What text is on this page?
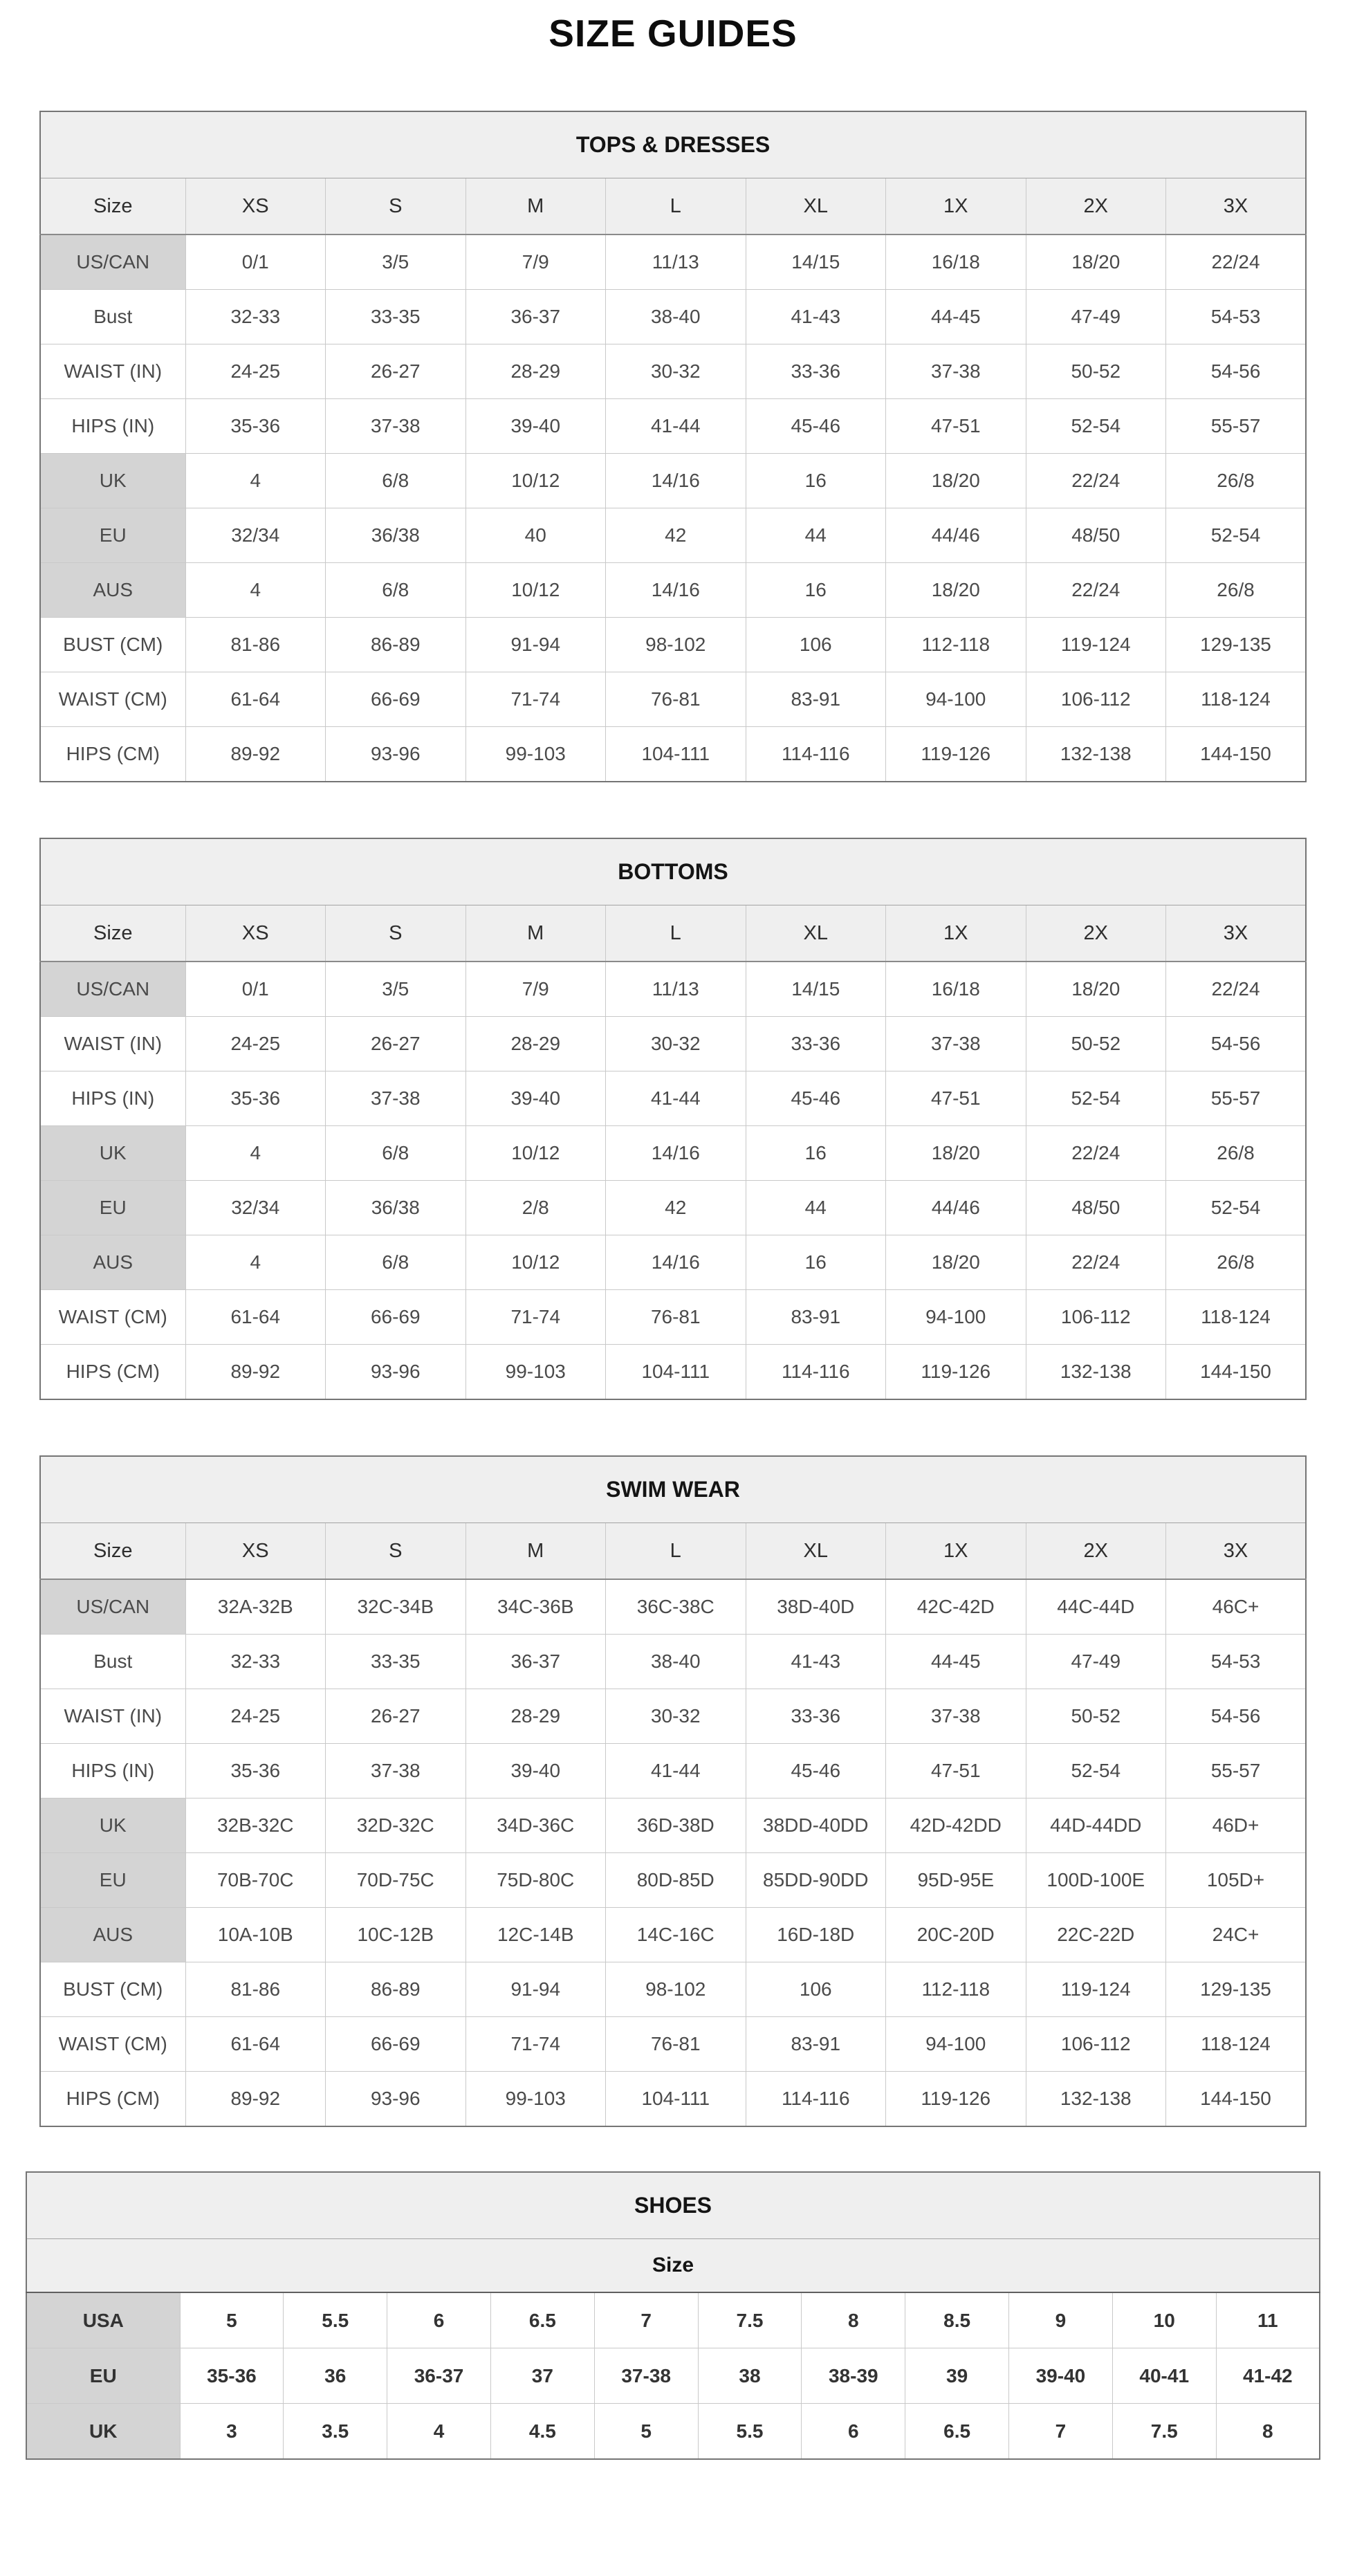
SIZE GUIDES
TOPS & DRESSES								
Size	XS	S	M	L	XL	1X	2X	3X
US/CAN	0/1	3/5	7/9	11/13	14/15	16/18	18/20	22/24
Bust	32-33	33-35	36-37	38-40	41-43	44-45	47-49	54-53
WAIST (IN)	24-25	26-27	28-29	30-32	33-36	37-38	50-52	54-56
HIPS (IN)	35-36	37-38	39-40	41-44	45-46	47-51	52-54	55-57
UK	4	6/8	10/12	14/16	16	18/20	22/24	26/8
EU	32/34	36/38	40	42	44	44/46	48/50	52-54
AUS	4	6/8	10/12	14/16	16	18/20	22/24	26/8
BUST (CM)	81-86	86-89	91-94	98-102	106	112-118	119-124	129-135
WAIST (CM)	61-64	66-69	71-74	76-81	83-91	94-100	106-112	118-124
HIPS (CM)	89-92	93-96	99-103	104-111	114-116	119-126	132-138	144-150
BOTTOMS								
Size	XS	S	M	L	XL	1X	2X	3X
US/CAN	0/1	3/5	7/9	11/13	14/15	16/18	18/20	22/24
WAIST (IN)	24-25	26-27	28-29	30-32	33-36	37-38	50-52	54-56
HIPS (IN)	35-36	37-38	39-40	41-44	45-46	47-51	52-54	55-57
UK	4	6/8	10/12	14/16	16	18/20	22/24	26/8
EU	32/34	36/38	2/8	42	44	44/46	48/50	52-54
AUS	4	6/8	10/12	14/16	16	18/20	22/24	26/8
WAIST (CM)	61-64	66-69	71-74	76-81	83-91	94-100	106-112	118-124
HIPS (CM)	89-92	93-96	99-103	104-111	114-116	119-126	132-138	144-150
SWIM WEAR								
Size	XS	S	M	L	XL	1X	2X	3X
US/CAN	32A-32B	32C-34B	34C-36B	36C-38C	38D-40D	42C-42D	44C-44D	46C+
Bust	32-33	33-35	36-37	38-40	41-43	44-45	47-49	54-53
WAIST (IN)	24-25	26-27	28-29	30-32	33-36	37-38	50-52	54-56
HIPS (IN)	35-36	37-38	39-40	41-44	45-46	47-51	52-54	55-57
UK	32B-32C	32D-32C	34D-36C	36D-38D	38DD-40DD	42D-42DD	44D-44DD	46D+
EU	70B-70C	70D-75C	75D-80C	80D-85D	85DD-90DD	95D-95E	100D-100E	105D+
AUS	10A-10B	10C-12B	12C-14B	14C-16C	16D-18D	20C-20D	22C-22D	24C+
BUST (CM)	81-86	86-89	91-94	98-102	106	112-118	119-124	129-135
WAIST (CM)	61-64	66-69	71-74	76-81	83-91	94-100	106-112	118-124
HIPS (CM)	89-92	93-96	99-103	104-111	114-116	119-126	132-138	144-150
SHOES											
Size											
USA	5	5.5	6	6.5	7	7.5	8	8.5	9	10	11
EU	35-36	36	36-37	37	37-38	38	38-39	39	39-40	40-41	41-42
UK	3	3.5	4	4.5	5	5.5	6	6.5	7	7.5	8
